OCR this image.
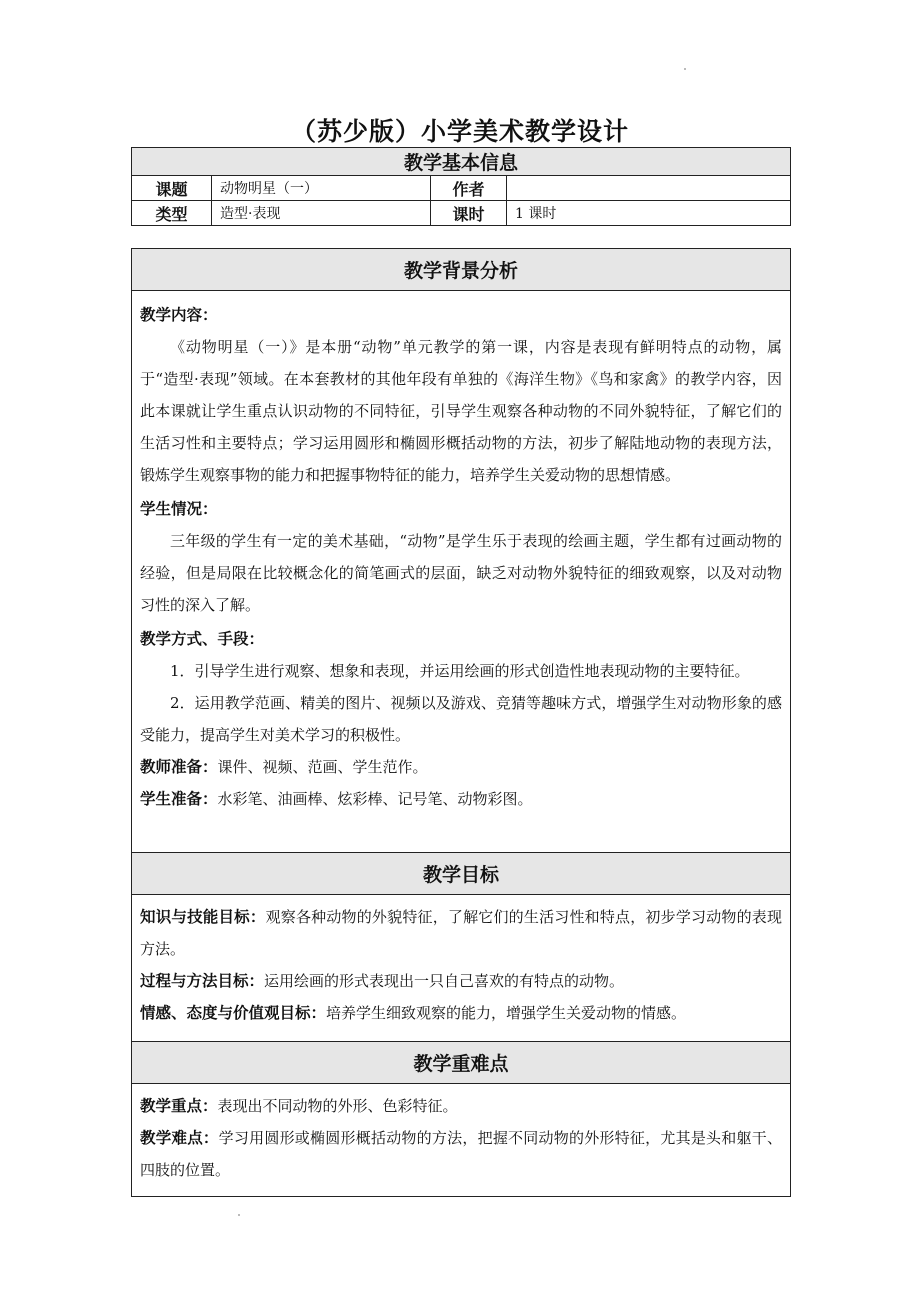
（苏少版）小学美术教学设计
教学基本信息			
课题	动物明星（一）	作者	
类型	造型·表现	课时	1 课时
教学背景分析

教学内容：

《动物明星（一）》是本册“动物”单元教学的第一课，内容是表现有鲜明特点的动物，属于“造型·表现”领域。在本套教材的其他年段有单独的《海洋生物》《鸟和家禽》的教学内容，因此本课就让学生重点认识动物的不同特征，引导学生观察各种动物的不同外貌特征，了解它们的生活习性和主要特点；学习运用圆形和椭圆形概括动物的方法，初步了解陆地动物的表现方法，锻炼学生观察事物的能力和把握事物特征的能力，培养学生关爱动物的思想情感。

学生情况：

三年级的学生有一定的美术基础，“动物”是学生乐于表现的绘画主题，学生都有过画动物的经验，但是局限在比较概念化的简笔画式的层面，缺乏对动物外貌特征的细致观察，以及对动物习性的深入了解。

教学方式、手段：

1．引导学生进行观察、想象和表现，并运用绘画的形式创造性地表现动物的主要特征。

2．运用教学范画、精美的图片、视频以及游戏、竞猜等趣味方式，增强学生对动物形象的感受能力，提高学生对美术学习的积极性。

教师准备：课件、视频、范画、学生范作。

学生准备：水彩笔、油画棒、炫彩棒、记号笔、动物彩图。

教学目标

知识与技能目标：观察各种动物的外貌特征，了解它们的生活习性和特点，初步学习动物的表现方法。

过程与方法目标：运用绘画的形式表现出一只自己喜欢的有特点的动物。

情感、态度与价值观目标：培养学生细致观察的能力，增强学生关爱动物的情感。

教学重难点

教学重点：表现出不同动物的外形、色彩特征。

教学难点：学习用圆形或椭圆形概括动物的方法，把握不同动物的外形特征，尤其是头和躯干、四肢的位置。
